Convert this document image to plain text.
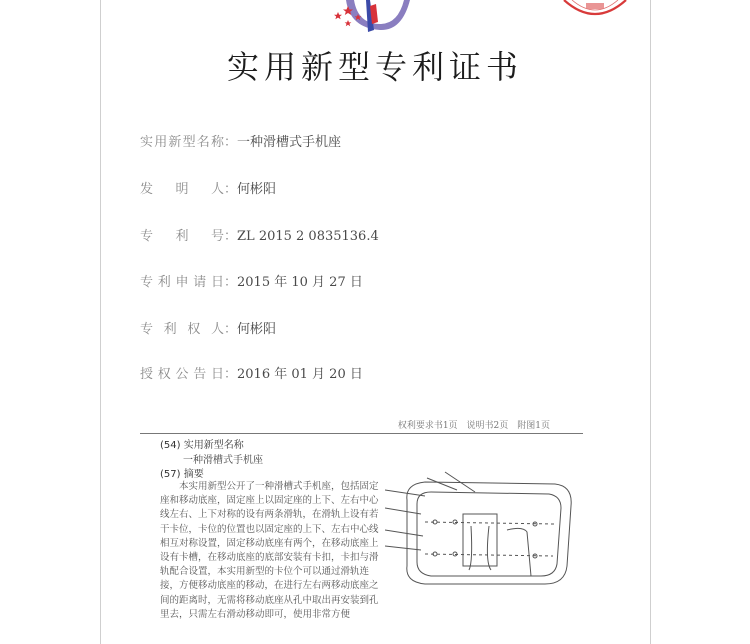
实用新型专利证书
实用新型名称：一种滑槽式手机座
发明人：何彬阳
专利号：ZL 2015 2 0835136.4
专利申请日：2015 年 10 月 27 日
专利权人：何彬阳
授权公告日：2016 年 01 月 20 日
权利要求书1页　说明书2页　附图1页
(54) 实用新型名称
一种滑槽式手机座
(57) 摘要
本实用新型公开了一种滑槽式手机座，包括固定座和移动底座，固定座上以固定座的上下、左右中心线左右、上下对称的设有两条滑轨，在滑轨上设有若干卡位，卡位的位置也以固定座的上下、左右中心线相互对称设置，固定移动底座有两个，在移动底座上设有卡槽，在移动底座的底部安装有卡扣，卡扣与滑轨配合设置，本实用新型的卡位个可以通过滑轨连接，方便移动底座的移动，在进行左右两移动底座之间的距离时，无需将移动底座从孔中取出再安装到孔里去，只需左右滑动移动即可，使用非常方便
